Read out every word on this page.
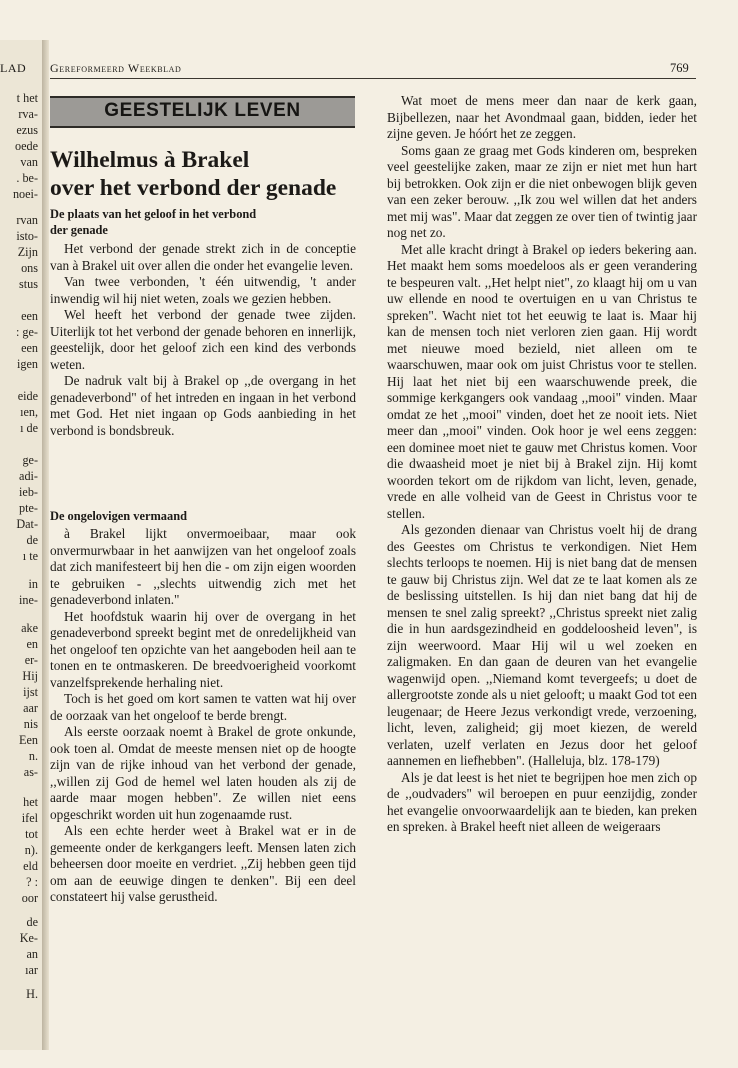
t het
rva-
ezus
oede
van
. be-
noei-
rvan
isto-
Zijn
ons
stus
een
: ge-
een
igen
eide
ıen,
ı de
ge-
adi-
ieb-
pte-
Dat-
de
ı te
in
ine-
ake
en
er-
Hij
ijst
aar
nis
Een
n.
as-
het
ifel
tot
n).
eld
? :
oor
de
Ke-
an
ıar
H.
LAD Gereformeerd Weekblad	769
GEESTELIJK LEVEN
Wilhelmus à Brakel
over het verbond der genade
De plaats van het geloof in het verbond
der genade

Het verbond der genade strekt zich in de conceptie van à Brakel uit over allen die onder het evangelie leven.

Van twee verbonden, 't één uitwendig, 't ander inwendig wil hij niet weten, zoals we gezien hebben.

Wel heeft het verbond der genade twee zijden. Uiterlijk tot het verbond der genade behoren en innerlijk, geestelijk, door het geloof zich een kind des verbonds weten.

De nadruk valt bij à Brakel op ,,de overgang in het genadeverbond" of het intreden en ingaan in het verbond met God. Het niet ingaan op Gods aanbieding in het verbond is bondsbreuk.

De ongelovigen vermaand

à Brakel lijkt onvermoeibaar, maar ook onvermurwbaar in het aanwijzen van het ongeloof zoals dat zich manifesteert bij hen die - om zijn eigen woorden te gebruiken - ,,slechts uitwendig zich met het genadeverbond inlaten."

Het hoofdstuk waarin hij over de overgang in het genadeverbond spreekt begint met de onredelijkheid van het ongeloof ten opzichte van het aangeboden heil aan te tonen en te ontmaskeren. De breedvoerigheid voorkomt vanzelfsprekende herhaling niet.

Toch is het goed om kort samen te vatten wat hij over de oorzaak van het ongeloof te berde brengt.

Als eerste oorzaak noemt à Brakel de grote onkunde, ook toen al. Omdat de meeste mensen niet op de hoogte zijn van de rijke inhoud van het verbond der genade, ,,willen zij God de hemel wel laten houden als zij de aarde maar mogen hebben". Ze willen niet eens opgeschrikt worden uit hun zogenaamde rust.

Als een echte herder weet à Brakel wat er in de gemeente onder de kerkgangers leeft. Mensen laten zich beheersen door moeite en verdriet. ,,Zij hebben geen tijd om aan de eeuwige dingen te denken". Bij een deel constateert hij valse gerustheid.

Wat moet de mens meer dan naar de kerk gaan, Bijbellezen, naar het Avondmaal gaan, bidden, ieder het zijne geven. Je hóórt het ze zeggen.

Soms gaan ze graag met Gods kinderen om, bespreken veel geestelijke zaken, maar ze zijn er niet met hun hart bij betrokken. Ook zijn er die niet onbewogen blijk geven van een zeker berouw. ,,Ik zou wel willen dat het anders met mij was". Maar dat zeggen ze over tien of twintig jaar nog net zo.

Met alle kracht dringt à Brakel op ieders bekering aan. Het maakt hem soms moedeloos als er geen verandering te bespeuren valt. ,,Het helpt niet", zo klaagt hij om u van uw ellende en nood te overtuigen en u van Christus te spreken". Wacht niet tot het eeuwig te laat is. Maar hij kan de mensen toch niet verloren zien gaan. Hij wordt met nieuwe moed bezield, niet alleen om te waarschuwen, maar ook om juist Christus voor te stellen. Hij laat het niet bij een waarschuwende preek, die sommige kerkgangers ook vandaag ,,mooi" vinden. Maar omdat ze het ,,mooi" vinden, doet het ze nooit iets. Niet meer dan ,,mooi" vinden. Ook hoor je wel eens zeggen: een dominee moet niet te gauw met Christus komen. Voor die dwaasheid moet je niet bij à Brakel zijn. Hij komt woorden tekort om de rijkdom van licht, leven, genade, vrede en alle volheid van de Geest in Christus voor te stellen.

Als gezonden dienaar van Christus voelt hij de drang des Geestes om Christus te verkondigen. Niet Hem slechts terloops te noemen. Hij is niet bang dat de mensen te gauw bij Christus zijn. Wel dat ze te laat komen als ze de beslissing uitstellen. Is hij dan niet bang dat hij de mensen te snel zalig spreekt? ,,Christus spreekt niet zalig die in hun aardsgezindheid en goddeloosheid leven", is zijn weerwoord. Maar Hij wil u wel zoeken en zaligmaken. En dan gaan de deuren van het evangelie wagenwijd open. ,,Niemand komt tevergeefs; u doet de allergrootste zonde als u niet gelooft; u maakt God tot een leugenaar; de Heere Jezus verkondigt vrede, verzoening, licht, leven, zaligheid; gij moet kiezen, de wereld verlaten, uzelf verlaten en Jezus door het geloof aannemen en liefhebben". (Halleluja, blz. 178-179)

Als je dat leest is het niet te begrijpen hoe men zich op de ,,oudvaders" wil beroepen en puur eenzijdig, zonder het evangelie onvoorwaardelijk aan te bieden, kan preken en spreken. à Brakel heeft niet alleen de weigeraars
